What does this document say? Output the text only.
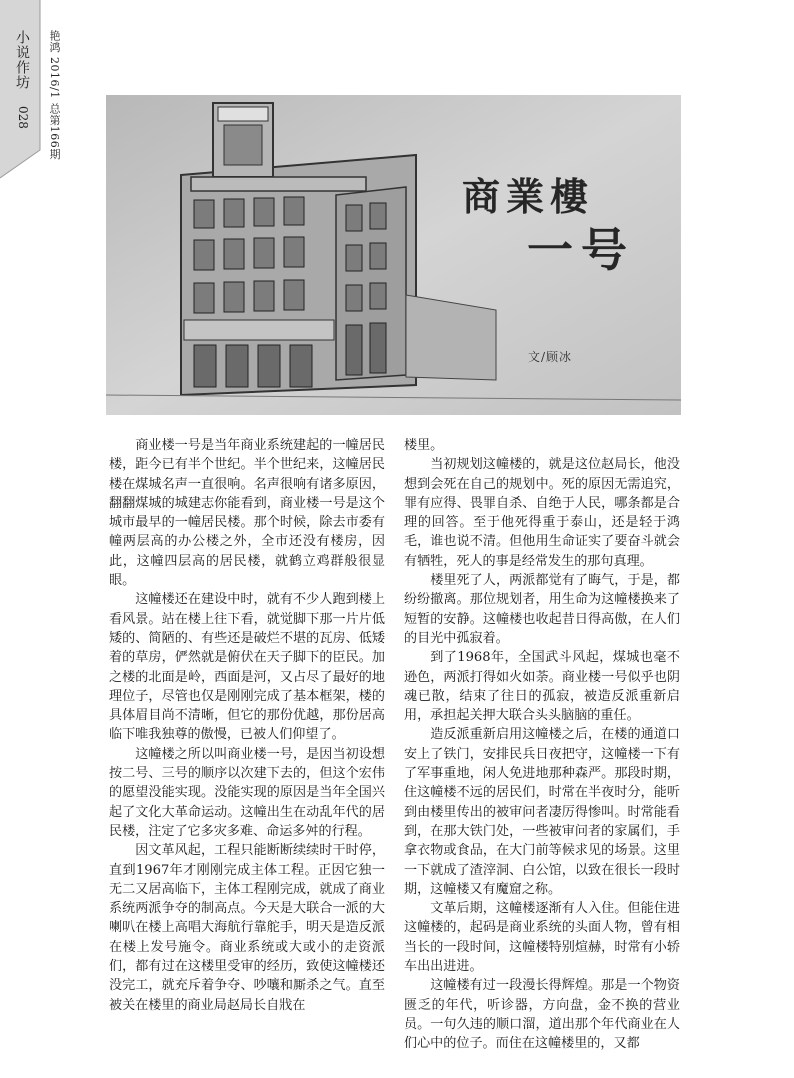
小说作坊
028 艳鸿 2016/1 总第166期
商業樓
一号
文/顾冰

商业楼一号是当年商业系统建起的一幢居民楼，距今已有半个世纪。半个世纪来，这幢居民楼在煤城名声一直很响。名声很响有诸多原因，翻翻煤城的城建志你能看到，商业楼一号是这个城市最早的一幢居民楼。那个时候，除去市委有幢两层高的办公楼之外，全市还没有楼房，因此，这幢四层高的居民楼，就鹤立鸡群般很显眼。

这幢楼还在建设中时，就有不少人跑到楼上看风景。站在楼上往下看，就觉脚下那一片片低矮的、简陋的、有些还是破烂不堪的瓦房、低矮着的草房，俨然就是俯伏在天子脚下的臣民。加之楼的北面是岭，西面是河，又占尽了最好的地理位子，尽管也仅是刚刚完成了基本框架，楼的具体眉目尚不清晰，但它的那份优越，那份居高临下唯我独尊的傲慢，已被人们仰望了。

这幢楼之所以叫商业楼一号，是因当初设想按二号、三号的顺序以次建下去的，但这个宏伟的愿望没能实现。没能实现的原因是当年全国兴起了文化大革命运动。这幢出生在动乱年代的居民楼，注定了它多灾多难、命运多舛的行程。

因文革风起，工程只能断断续续时干时停，直到1967年才刚刚完成主体工程。正因它独一无二又居高临下，主体工程刚完成，就成了商业系统两派争夺的制高点。今天是大联合一派的大喇叭在楼上高唱大海航行靠舵手，明天是造反派在楼上发号施令。商业系统或大或小的走资派们，都有过在这楼里受审的经历，致使这幢楼还没完工，就充斥着争夺、吵嚷和厮杀之气。直至被关在楼里的商业局赵局长自戕在

楼里。

当初规划这幢楼的，就是这位赵局长，他没想到会死在自己的规划中。死的原因无需追究，罪有应得、畏罪自杀、自绝于人民，哪条都是合理的回答。至于他死得重于泰山，还是轻于鸿毛，谁也说不清。但他用生命证实了要奋斗就会有牺牲，死人的事是经常发生的那句真理。

楼里死了人，两派都觉有了晦气，于是，都纷纷撤离。那位规划者，用生命为这幢楼换来了短暂的安静。这幢楼也收起昔日得高傲，在人们的目光中孤寂着。

到了1968年，全国武斗风起，煤城也毫不逊色，两派打得如火如荼。商业楼一号似乎也阴魂已散，结束了往日的孤寂，被造反派重新启用，承担起关押大联合头头脑脑的重任。

造反派重新启用这幢楼之后，在楼的通道口安上了铁门，安排民兵日夜把守，这幢楼一下有了军事重地，闲人免进地那种森严。那段时期，住这幢楼不远的居民们，时常在半夜时分，能听到由楼里传出的被审问者凄厉得惨叫。时常能看到，在那大铁门处，一些被审问者的家属们，手拿衣物或食品，在大门前等候求见的场景。这里一下就成了渣滓洞、白公馆，以致在很长一段时期，这幢楼又有魔窟之称。

文革后期，这幢楼逐渐有人入住。但能住进这幢楼的，起码是商业系统的头面人物，曾有相当长的一段时间，这幢楼特别煊赫，时常有小轿车出出进进。

这幢楼有过一段漫长得辉煌。那是一个物资匮乏的年代，听诊器，方向盘，金不换的营业员。一句久违的顺口溜，道出那个年代商业在人们心中的位子。而住在这幢楼里的，又都
